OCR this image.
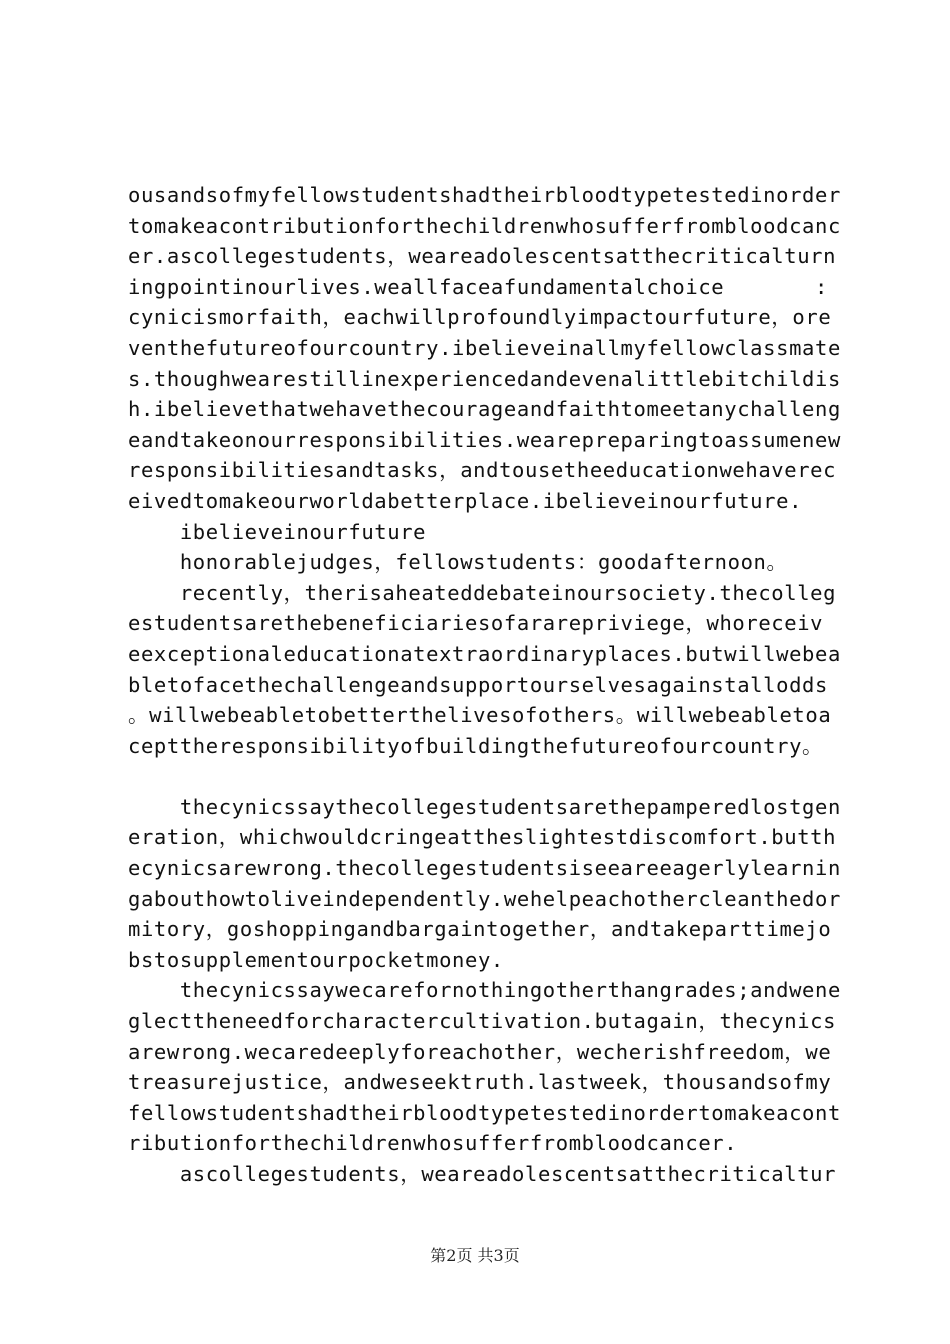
ousandsofmyfellowstudentshadtheirbloodtypetestedinorder
tomakeacontributionforthechildrenwhosufferfrombloodcanc
er.ascollegestudents，weareadolescentsatthecriticalturn
ingpointinourlives.weallfaceafundamentalchoice       :
cynicismorfaith，eachwillprofoundlyimpactourfuture，ore
venthefutureofourcountry.ibelieveinallmyfellowclassmate
s.thoughwearestillinexperiencedandevenalittlebitchildis
h.ibelievethatwehavethecourageandfaithtomeetanychalleng
eandtakeonourresponsibilities.wearepreparingtoassumenew
responsibilitiesandtasks，andtousetheeducationwehaverec
eivedtomakeourworldabetterplace.ibelieveinourfuture.
ibelieveinourfuture
honorablejudges，fellowstudents：goodafternoon。
recently，therisaheateddebateinoursociety.thecolleg
estudentsarethebeneficiariesofararepriviege，whoreceiv
eexceptionaleducationatextraordinaryplaces.butwillwebea
bletofacethechallengeandsupportourselvesagainstallodds
。willwebeabletobetterthelivesofothers。willwebeabletoa
cepttheresponsibilityofbuildingthefutureofourcountry。
thecynicssaythecollegestudentsarethepamperedlostgen
eration，whichwouldcringeattheslightestdiscomfort.butth
ecynicsarewrong.thecollegestudentsiseeareeagerlylearnin
gabouthowtoliveindependently.wehelpeachothercleanthedor
mitory，goshoppingandbargaintogether，andtakeparttimejo
bstosupplementourpocketmoney.
thecynicssaywecarefornothingotherthangrades;andwene
glecttheneedforcharactercultivation.butagain，thecynics
arewrong.wecaredeeplyforeachother，wecherishfreedom，we
treasurejustice，andweseektruth.lastweek，thousandsofmy
fellowstudentshadtheirbloodtypetestedinordertomakeacont
ributionforthechildrenwhosufferfrombloodcancer.
ascollegestudents，weareadolescentsatthecriticaltur
第2页 共3页
